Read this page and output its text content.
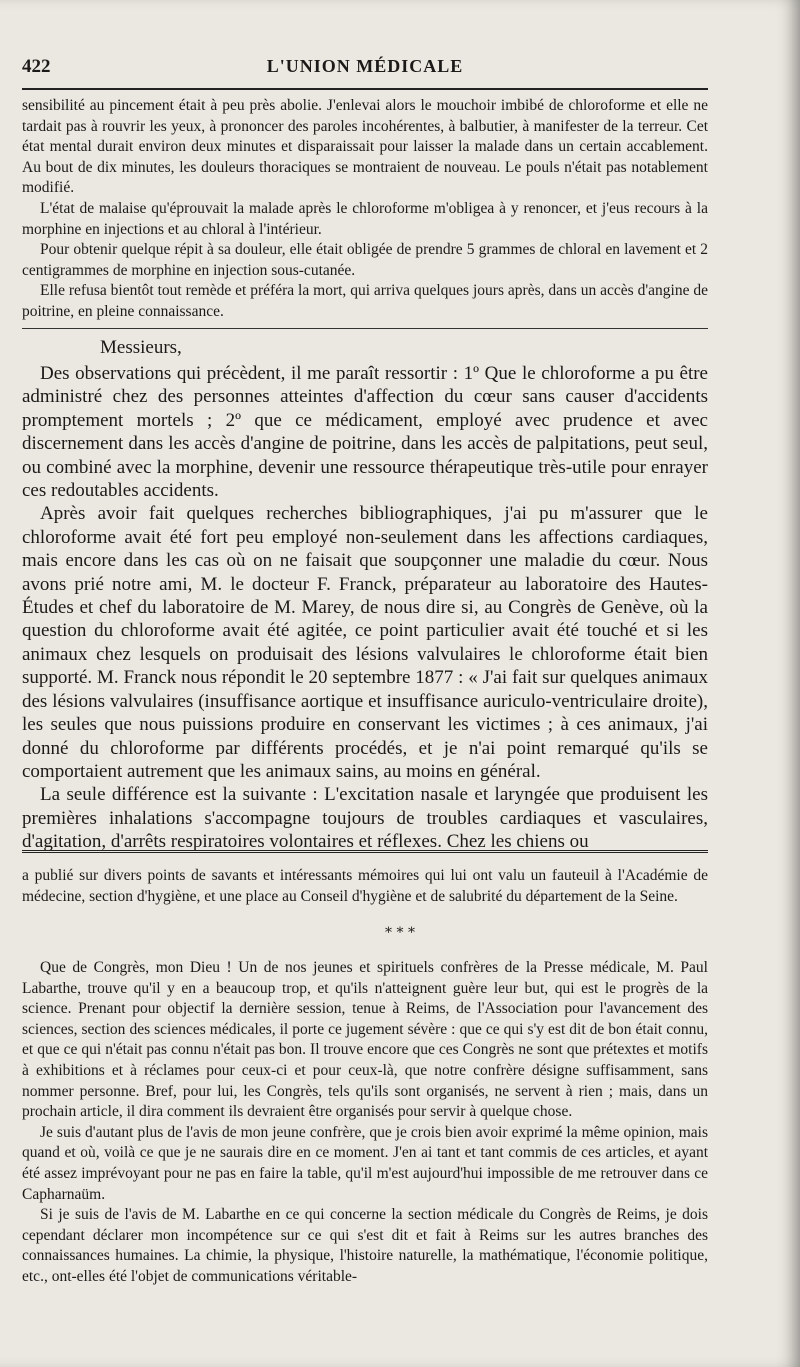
422	L'UNION MÉDICALE

sensibilité au pincement était à peu près abolie. J'enlevai alors le mouchoir imbibé de chloroforme et elle ne tardait pas à rouvrir les yeux, à prononcer des paroles incohérentes, à balbutier, à manifester de la terreur. Cet état mental durait environ deux minutes et disparaissait pour laisser la malade dans un certain accablement. Au bout de dix minutes, les douleurs thoraciques se montraient de nouveau. Le pouls n'était pas notablement modifié.

L'état de malaise qu'éprouvait la malade après le chloroforme m'obligea à y renoncer, et j'eus recours à la morphine en injections et au chloral à l'intérieur.

Pour obtenir quelque répit à sa douleur, elle était obligée de prendre 5 grammes de chloral en lavement et 2 centigrammes de morphine en injection sous-cutanée.

Elle refusa bientôt tout remède et préféra la mort, qui arriva quelques jours après, dans un accès d'angine de poitrine, en pleine connaissance.

Messieurs,

Des observations qui précèdent, il me paraît ressortir : 1º Que le chloroforme a pu être administré chez des personnes atteintes d'affection du cœur sans causer d'accidents promptement mortels ; 2º que ce médicament, employé avec prudence et avec discernement dans les accès d'angine de poitrine, dans les accès de palpitations, peut seul, ou combiné avec la morphine, devenir une ressource thérapeutique très-utile pour enrayer ces redoutables accidents.

Après avoir fait quelques recherches bibliographiques, j'ai pu m'assurer que le chloroforme avait été fort peu employé non-seulement dans les affections cardiaques, mais encore dans les cas où on ne faisait que soupçonner une maladie du cœur. Nous avons prié notre ami, M. le docteur F. Franck, préparateur au laboratoire des Hautes-Études et chef du laboratoire de M. Marey, de nous dire si, au Congrès de Genève, où la question du chloroforme avait été agitée, ce point particulier avait été touché et si les animaux chez lesquels on produisait des lésions valvulaires le chloroforme était bien supporté. M. Franck nous répondit le 20 septembre 1877 : « J'ai fait sur quelques animaux des lésions valvulaires (insuffisance aortique et insuffisance auriculo-ventriculaire droite), les seules que nous puissions produire en conservant les victimes ; à ces animaux, j'ai donné du chloroforme par différents procédés, et je n'ai point remarqué qu'ils se comportaient autrement que les animaux sains, au moins en général.

La seule différence est la suivante : L'excitation nasale et laryngée que produisent les premières inhalations s'accompagne toujours de troubles cardiaques et vasculaires, d'agitation, d'arrêts respiratoires volontaires et réflexes. Chez les chiens ou

a publié sur divers points de savants et intéressants mémoires qui lui ont valu un fauteuil à l'Académie de médecine, section d'hygiène, et une place au Conseil d'hygiène et de salubrité du département de la Seine.

* * *

Que de Congrès, mon Dieu ! Un de nos jeunes et spirituels confrères de la Presse médicale, M. Paul Labarthe, trouve qu'il y en a beaucoup trop, et qu'ils n'atteignent guère leur but, qui est le progrès de la science. Prenant pour objectif la dernière session, tenue à Reims, de l'Association pour l'avancement des sciences, section des sciences médicales, il porte ce jugement sévère : que ce qui s'y est dit de bon était connu, et que ce qui n'était pas connu n'était pas bon. Il trouve encore que ces Congrès ne sont que prétextes et motifs à exhibitions et à réclames pour ceux-ci et pour ceux-là, que notre confrère désigne suffisamment, sans nommer personne. Bref, pour lui, les Congrès, tels qu'ils sont organisés, ne servent à rien ; mais, dans un prochain article, il dira comment ils devraient être organisés pour servir à quelque chose.

Je suis d'autant plus de l'avis de mon jeune confrère, que je crois bien avoir exprimé la même opinion, mais quand et où, voilà ce que je ne saurais dire en ce moment. J'en ai tant et tant commis de ces articles, et ayant été assez imprévoyant pour ne pas en faire la table, qu'il m'est aujourd'hui impossible de me retrouver dans ce Capharnaüm.

Si je suis de l'avis de M. Labarthe en ce qui concerne la section médicale du Congrès de Reims, je dois cependant déclarer mon incompétence sur ce qui s'est dit et fait à Reims sur les autres branches des connaissances humaines. La chimie, la physique, l'histoire naturelle, la mathématique, l'économie politique, etc., ont-elles été l'objet de communications véritable-
